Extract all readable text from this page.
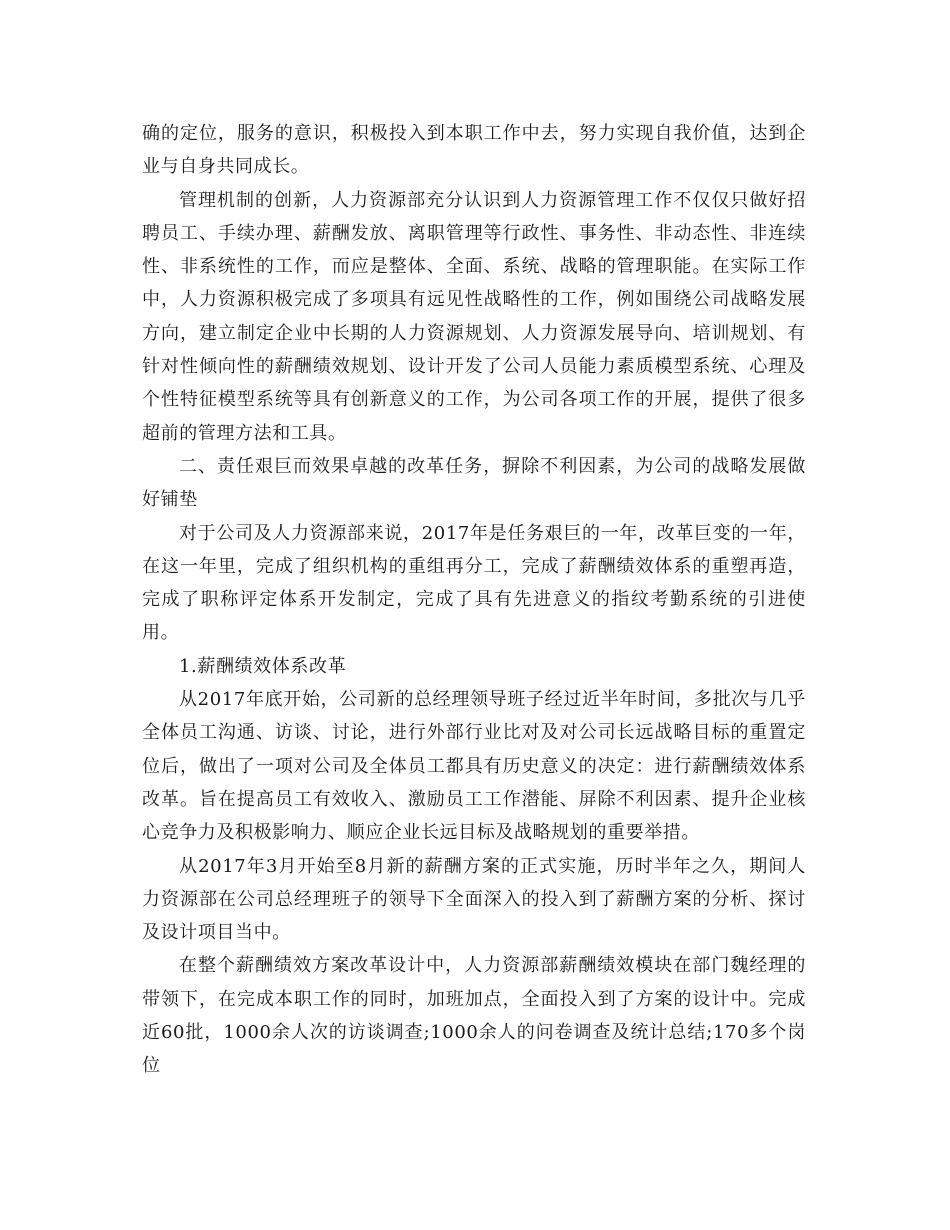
确的定位，服务的意识，积极投入到本职工作中去，努力实现自我价值，达到企业与自身共同成长。

管理机制的创新，人力资源部充分认识到人力资源管理工作不仅仅只做好招聘员工、手续办理、薪酬发放、离职管理等行政性、事务性、非动态性、非连续性、非系统性的工作，而应是整体、全面、系统、战略的管理职能。在实际工作中，人力资源积极完成了多项具有远见性战略性的工作，例如围绕公司战略发展方向，建立制定企业中长期的人力资源规划、人力资源发展导向、培训规划、有针对性倾向性的薪酬绩效规划、设计开发了公司人员能力素质模型系统、心理及个性特征模型系统等具有创新意义的工作，为公司各项工作的开展，提供了很多超前的管理方法和工具。

二、责任艰巨而效果卓越的改革任务，摒除不利因素，为公司的战略发展做好铺垫

对于公司及人力资源部来说，2017年是任务艰巨的一年，改革巨变的一年，在这一年里，完成了组织机构的重组再分工，完成了薪酬绩效体系的重塑再造，完成了职称评定体系开发制定，完成了具有先进意义的指纹考勤系统的引进使用。

1.薪酬绩效体系改革

从2017年底开始，公司新的总经理领导班子经过近半年时间，多批次与几乎全体员工沟通、访谈、讨论，进行外部行业比对及对公司长远战略目标的重置定位后，做出了一项对公司及全体员工都具有历史意义的决定：进行薪酬绩效体系改革。旨在提高员工有效收入、激励员工工作潜能、屏除不利因素、提升企业核心竞争力及积极影响力、顺应企业长远目标及战略规划的重要举措。

从2017年3月开始至8月新的薪酬方案的正式实施，历时半年之久，期间人力资源部在公司总经理班子的领导下全面深入的投入到了薪酬方案的分析、探讨及设计项目当中。

在整个薪酬绩效方案改革设计中，人力资源部薪酬绩效模块在部门魏经理的带领下，在完成本职工作的同时，加班加点，全面投入到了方案的设计中。完成近60批，1000余人次的访谈调查;1000余人的问卷调查及统计总结;170多个岗位
